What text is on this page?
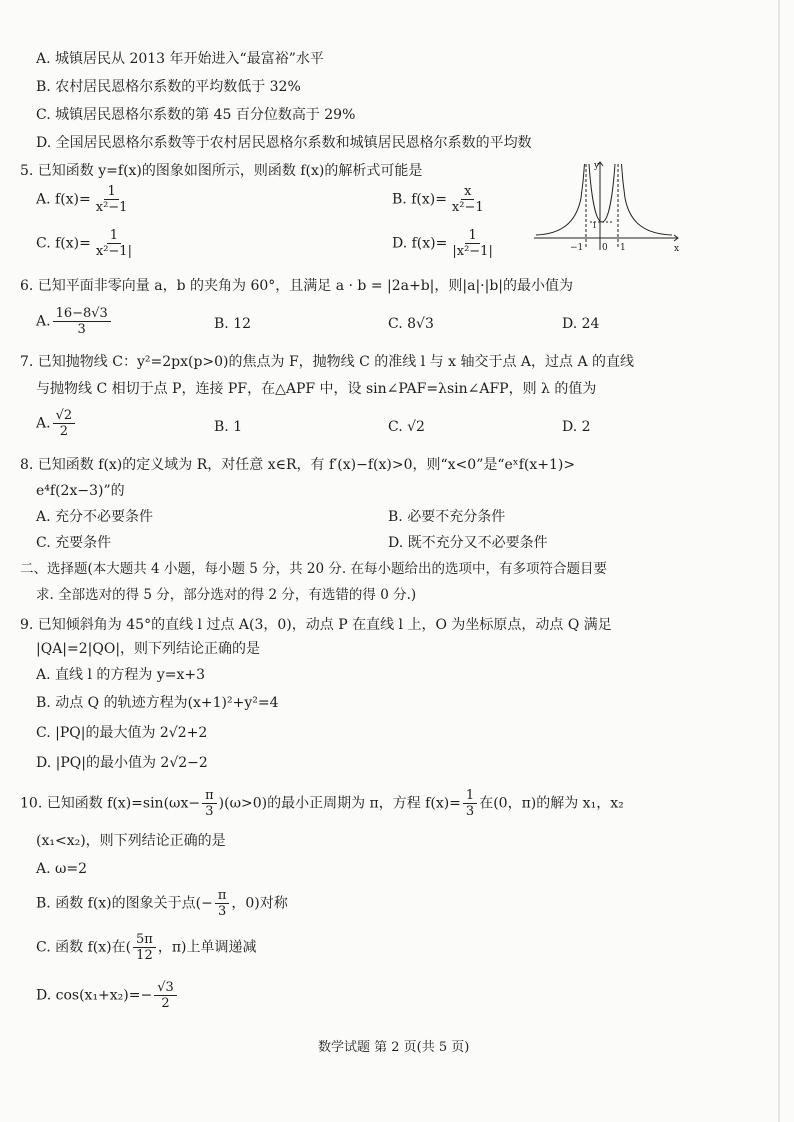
A. 城镇居民从 2013 年开始进入“最富裕”水平
B. 农村居民恩格尔系数的平均数低于 32%
C. 城镇居民恩格尔系数的第 45 百分位数高于 29%
D. 全国居民恩格尔系数等于农村居民恩格尔系数和城镇居民恩格尔系数的平均数
5. 已知函数 y=f(x)的图象如图所示，则函数 f(x)的解析式可能是
A. $f(x)= \frac{1}{\text{x²−1}}$	B. $f(x)= \frac{x}{\text{x²−1}}$
C. $f(x)= \frac{1}{\text{x²−1|}}$	D. $f(x)= \frac{1}{\text{|x²−1|}}$
y
x
−1 0 1
1
6. 已知平面非零向量 a，b 的夹角为 60°，且满足 a · b = |2a+b|，则|a|·|b|的最小值为
A. $\frac{16-8√3}{3}$	B. 12	C. 8√3	D. 24
7. 已知抛物线 C：y²=2px(p>0)的焦点为 F，抛物线 C 的准线 l 与 x 轴交于点 A，过点 A 的直线
与抛物线 C 相切于点 P，连接 PF，在△APF 中，设 sin∠PAF=λsin∠AFP，则 λ 的值为
A. $\frac{√2}{2}$	B. 1	C. √2	D. 2
8. 已知函数 f(x)的定义域为 R，对任意 x∈R，有 f′(x)−f(x)>0，则“x<0”是“eˣf(x+1)>
e⁴f(2x−3)”的
A. 充分不必要条件	B. 必要不充分条件
C. 充要条件	D. 既不充分又不必要条件
二、选择题(本大题共 4 小题，每小题 5 分，共 20 分. 在每小题给出的选项中，有多项符合题目要
求. 全部选对的得 5 分，部分选对的得 2 分，有选错的得 0 分.)
9. 已知倾斜角为 45°的直线 l 过点 A(3，0)，动点 P 在直线 l 上，O 为坐标原点，动点 Q 满足
|QA|=2|QO|，则下列结论正确的是
A. 直线 l 的方程为 y=x+3
B. 动点 Q 的轨迹方程为(x+1)²+y²=4
C. |PQ|的最大值为 2√2+2
D. |PQ|的最小值为 2√2−2
10. 已知函数 $f(x)=\sin(\omega x- \frac{\pi}{3} )(\omega>0)$的最小正周期为 π，方程 $f(x)= \frac{1}{3}$ 在(0，π)的解为 x₁，x₂
(x₁<x₂)，则下列结论正确的是
A. ω=2
B. 函数 f(x)的图象关于点(− $\frac{\pi}{3}$ ，0)对称
C. 函数 f(x)在( $\frac{5\pi}{12}$ ，π)上单调递减
D. $\cos(x_1+x_2)=- \frac{√3}{2}$
数学试题 第 2 页(共 5 页)
